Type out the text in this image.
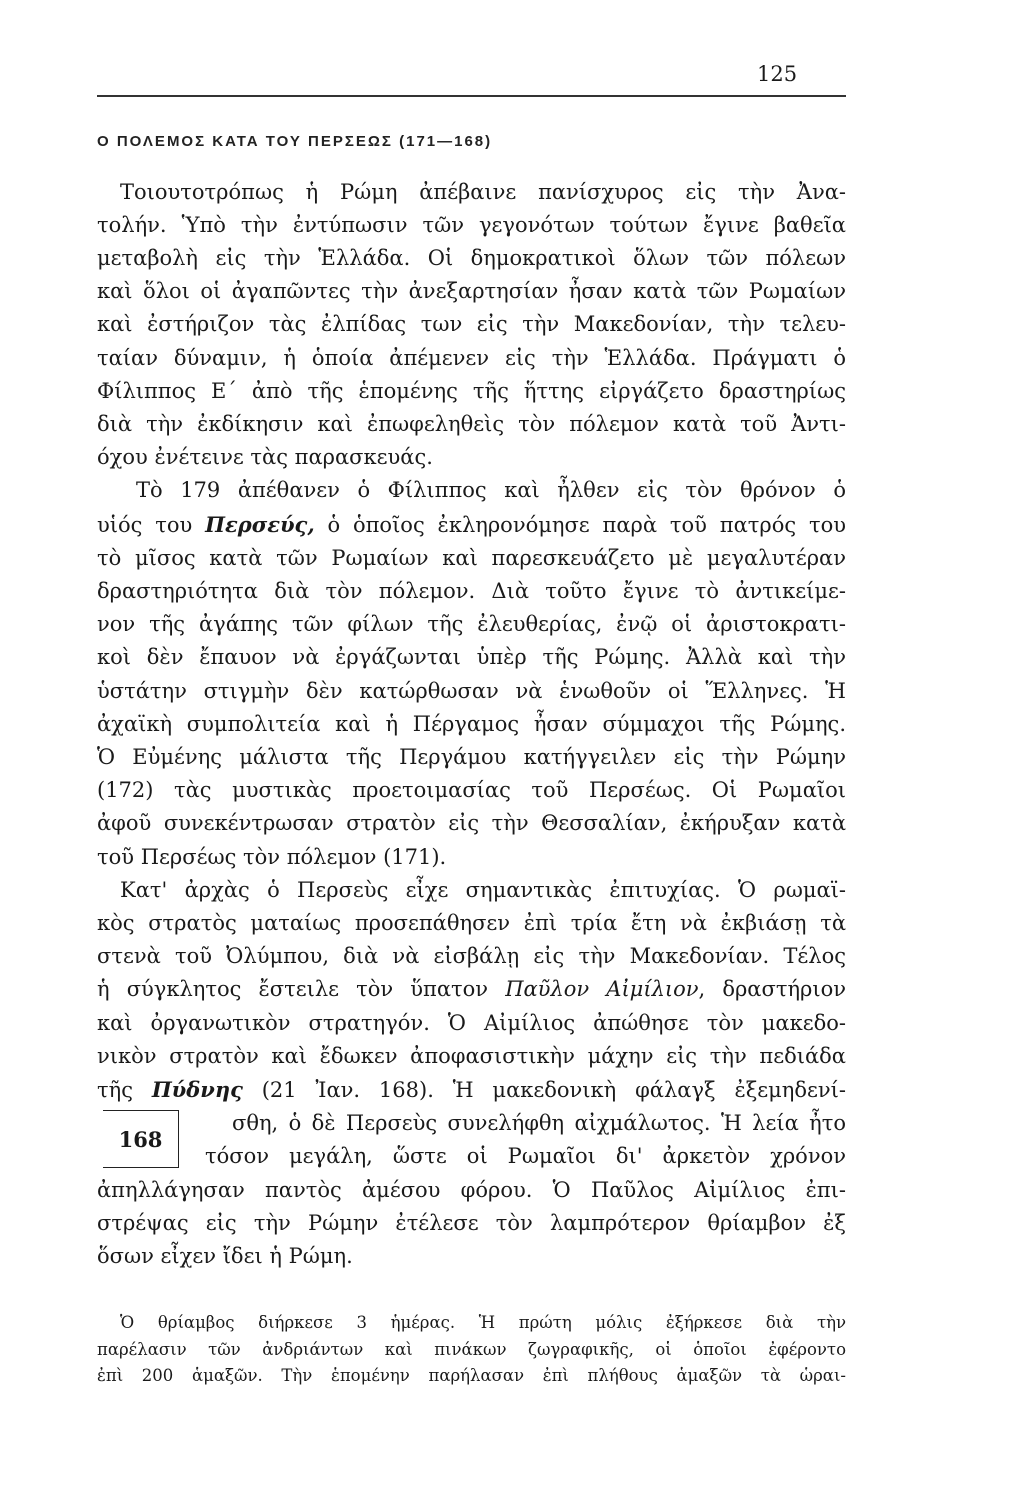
125
Ο ΠΟΛΕΜΟΣ ΚΑΤΑ ΤΟΥ ΠΕΡΣΕΩΣ (171—168)
Τοιουτοτρόπως ἡ Ρώμη ἀπέβαινε πανίσχυρος εἰς τὴν Ἀνα-
τολήν. Ὑπὸ τὴν ἐντύπωσιν τῶν γεγονότων τούτων ἔγινε βαθεῖα
μεταβολὴ εἰς τὴν Ἑλλάδα. Οἱ δημοκρατικοὶ ὅλων τῶν πόλεων
καὶ ὅλοι οἱ ἀγαπῶντες τὴν ἀνεξαρτησίαν ἦσαν κατὰ τῶν Ρωμαίων
καὶ ἐστήριζον τὰς ἐλπίδας των εἰς τὴν Μακεδονίαν, τὴν τελευ-
ταίαν δύναμιν, ἡ ὁποία ἀπέμενεν εἰς τὴν Ἑλλάδα. Πράγματι ὁ
Φίλιππος Ε΄ ἀπὸ τῆς ἑπομένης τῆς ἥττης εἰργάζετο δραστηρίως
διὰ τὴν ἐκδίκησιν καὶ ἐπωφεληθεὶς τὸν πόλεμον κατὰ τοῦ Ἀντι-
όχου ἐνέτεινε τὰς παρασκευάς.
Τὸ 179 ἀπέθανεν ὁ Φίλιππος καὶ ἦλθεν εἰς τὸν θρόνον ὁ
υἱός του Περσεύς, ὁ ὁποῖος ἐκληρονόμησε παρὰ τοῦ πατρός του
τὸ μῖσος κατὰ τῶν Ρωμαίων καὶ παρεσκευάζετο μὲ μεγαλυτέραν
δραστηριότητα διὰ τὸν πόλεμον. Διὰ τοῦτο ἔγινε τὸ ἀντικείμε-
νον τῆς ἀγάπης τῶν φίλων τῆς ἐλευθερίας, ἐνῷ οἱ ἀριστοκρατι-
κοὶ δὲν ἔπαυον νὰ ἐργάζωνται ὑπὲρ τῆς Ρώμης. Ἀλλὰ καὶ τὴν
ὑστάτην στιγμὴν δὲν κατώρθωσαν νὰ ἑνωθοῦν οἱ Ἕλληνες. Ἡ
ἀχαϊκὴ συμπολιτεία καὶ ἡ Πέργαμος ἦσαν σύμμαχοι τῆς Ρώμης.
Ὁ Εὐμένης μάλιστα τῆς Περγάμου κατήγγειλεν εἰς τὴν Ρώμην
(172) τὰς μυστικὰς προετοιμασίας τοῦ Περσέως. Οἱ Ρωμαῖοι
ἀφοῦ συνεκέντρωσαν στρατὸν εἰς τὴν Θεσσαλίαν, ἐκήρυξαν κατὰ
τοῦ Περσέως τὸν πόλεμον (171).
Κατ' ἀρχὰς ὁ Περσεὺς εἶχε σημαντικὰς ἐπιτυχίας. Ὁ ρωμαϊ-
κὸς στρατὸς ματαίως προσεπάθησεν ἐπὶ τρία ἔτη νὰ ἐκβιάσῃ τὰ
στενὰ τοῦ Ὀλύμπου, διὰ νὰ εἰσβάλῃ εἰς τὴν Μακεδονίαν. Τέλος
ἡ σύγκλητος ἔστειλε τὸν ὕπατον Παῦλον Αἰμίλιον, δραστήριον
καὶ ὀργανωτικὸν στρατηγόν. Ὁ Αἰμίλιος ἀπώθησε τὸν μακεδο-
νικὸν στρατὸν καὶ ἔδωκεν ἀποφασιστικὴν μάχην εἰς τὴν πεδιάδα
τῆς Πύδνης (21 Ἰαν. 168). Ἡ μακεδονικὴ φάλαγξ ἐξεμηδενί-
σθη, ὁ δὲ Περσεὺς συνελήφθη αἰχμάλωτος. Ἡ λεία ἦτο
τόσον μεγάλη, ὥστε οἱ Ρωμαῖοι δι' ἀρκετὸν χρόνον
ἀπηλλάγησαν παντὸς ἀμέσου φόρου. Ὁ Παῦλος Αἰμίλιος ἐπι-
στρέψας εἰς τὴν Ρώμην ἐτέλεσε τὸν λαμπρότερον θρίαμβον ἐξ
ὅσων εἶχεν ἴδει ἡ Ρώμη.
168
Ὁ θρίαμβος διήρκεσε 3 ἡμέρας. Ἡ πρώτη μόλις ἐξήρκεσε διὰ τὴν
παρέλασιν τῶν ἀνδριάντων καὶ πινάκων ζωγραφικῆς, οἱ ὁποῖοι ἐφέροντο
ἐπὶ 200 ἁμαξῶν. Τὴν ἑπομένην παρήλασαν ἐπὶ πλήθους ἁμαξῶν τὰ ὡραι-
